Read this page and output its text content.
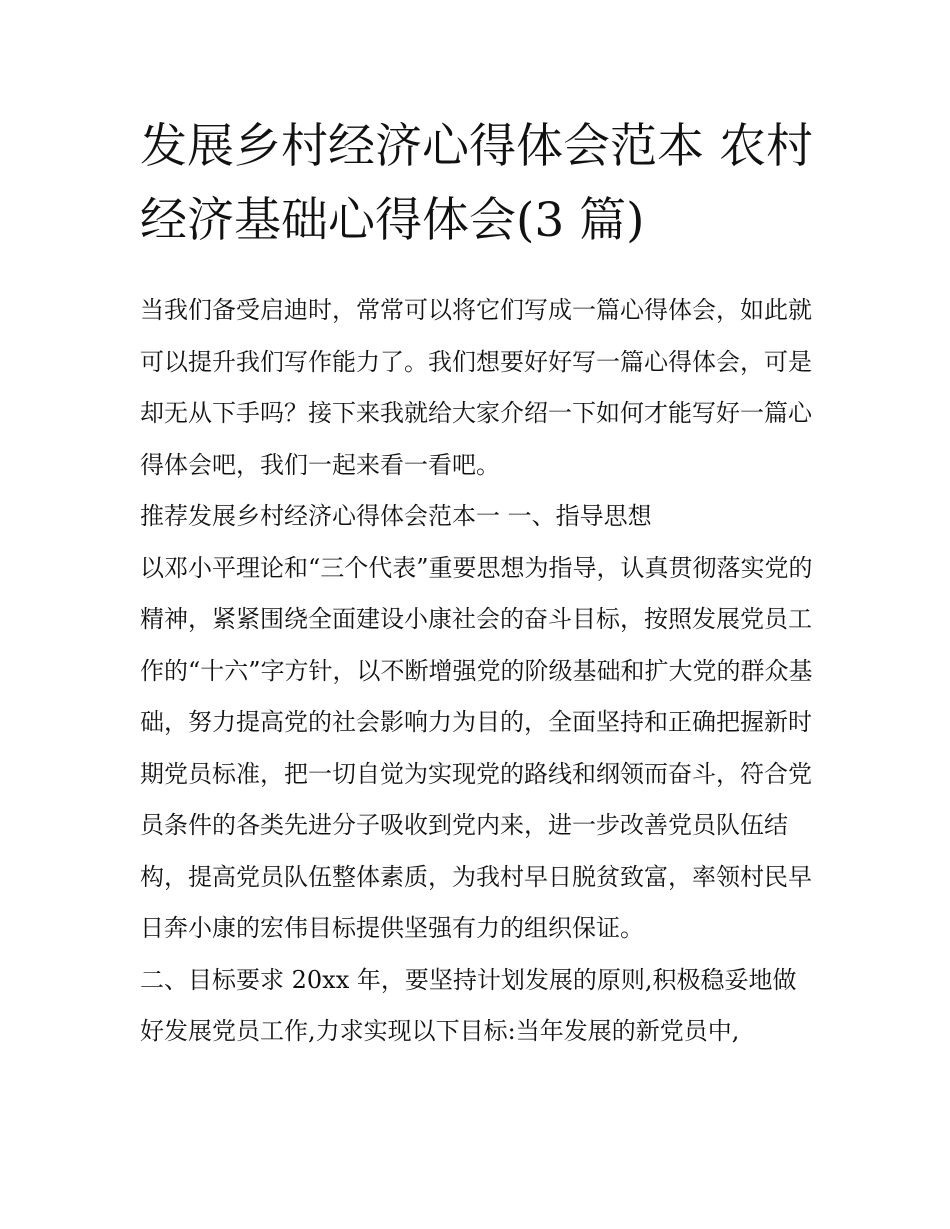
发展乡村经济心得体会范本 农村经济基础心得体会(3 篇)

当我们备受启迪时，常常可以将它们写成一篇心得体会，如此就可以提升我们写作能力了。我们想要好好写一篇心得体会，可是却无从下手吗？接下来我就给大家介绍一下如何才能写好一篇心得体会吧，我们一起来看一看吧。

推荐发展乡村经济心得体会范本一 一、指导思想

以邓小平理论和“三个代表”重要思想为指导，认真贯彻落实党的精神，紧紧围绕全面建设小康社会的奋斗目标，按照发展党员工作的“十六”字方针，以不断增强党的阶级基础和扩大党的群众基础，努力提高党的社会影响力为目的，全面坚持和正确把握新时期党员标准，把一切自觉为实现党的路线和纲领而奋斗，符合党员条件的各类先进分子吸收到党内来，进一步改善党员队伍结构，提高党员队伍整体素质，为我村早日脱贫致富，率领村民早日奔小康的宏伟目标提供坚强有力的组织保证。

二、目标要求 20xx 年，要坚持计划发展的原则,积极稳妥地做好发展党员工作,力求实现以下目标:当年发展的新党员中,
